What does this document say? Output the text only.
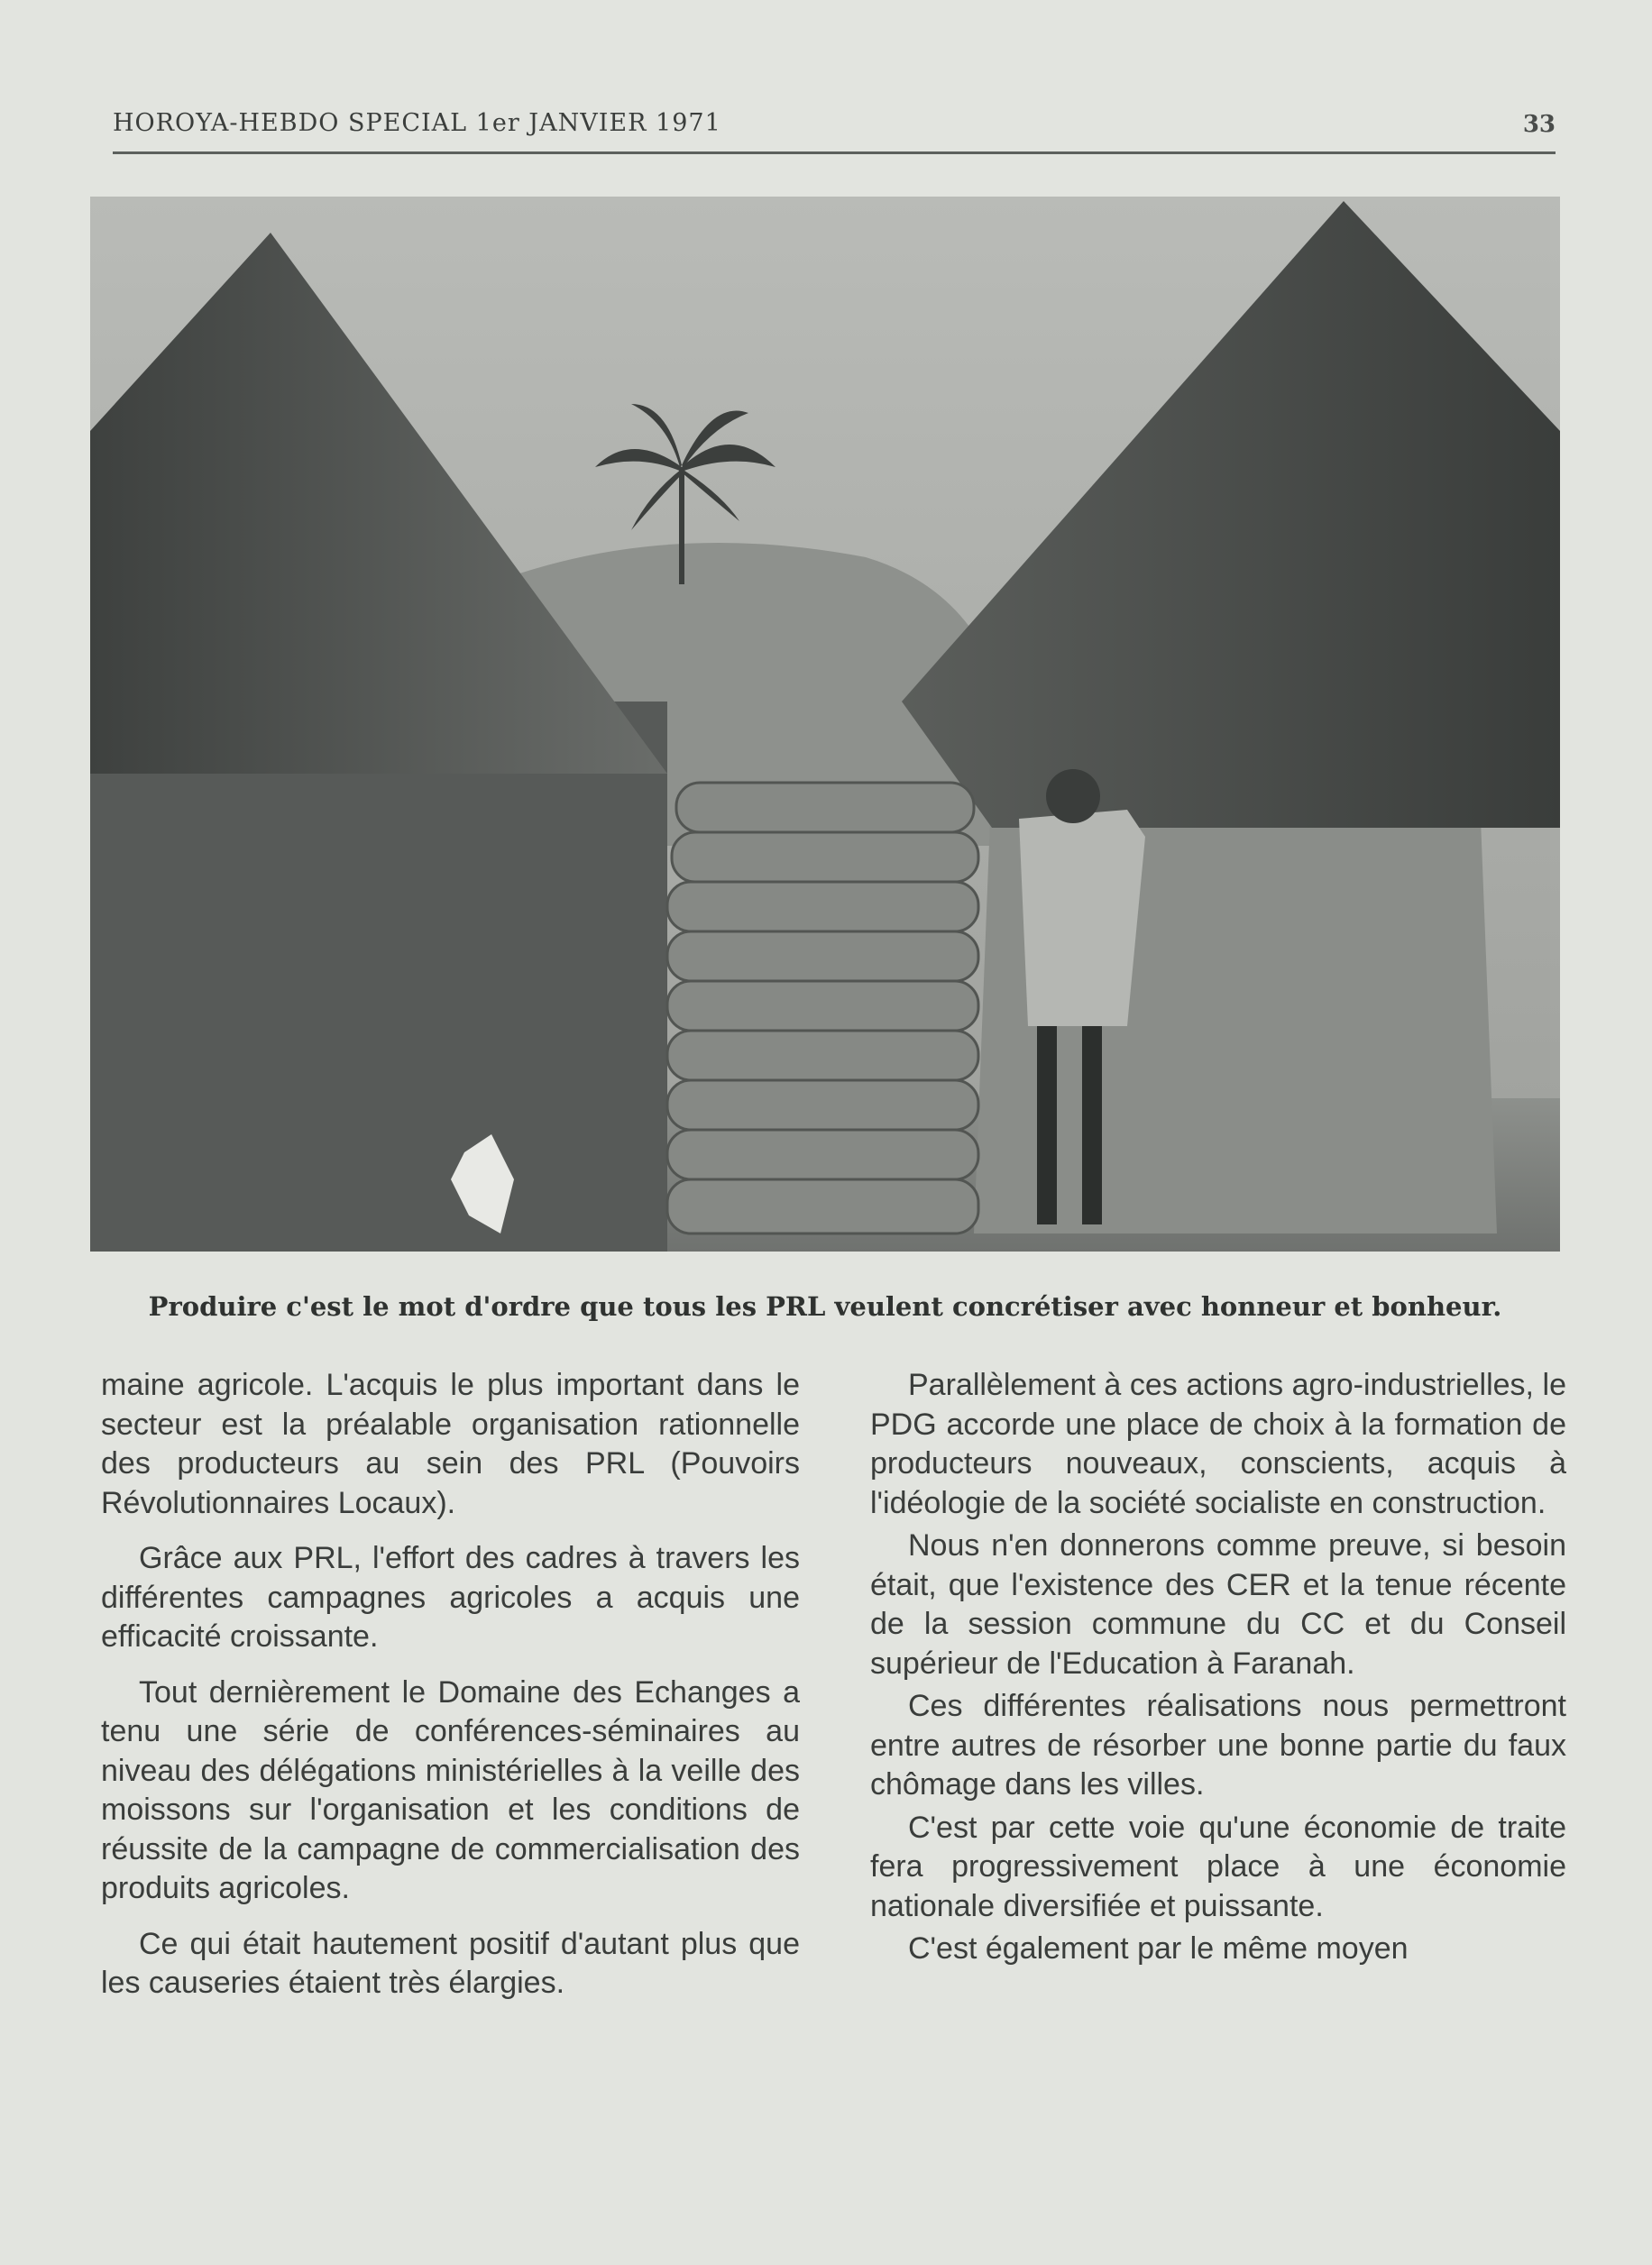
HOROYA-HEBDO SPECIAL 1er JANVIER 1971	33
Produire c'est le mot d'ordre que tous les PRL veulent concrétiser avec honneur et bonheur.

maine agricole. L'acquis le plus important dans le secteur est la préalable organisation rationnelle des producteurs au sein des PRL (Pouvoirs Révolutionnaires Locaux).

Grâce aux PRL, l'effort des cadres à travers les différentes campagnes agricoles a acquis une efficacité croissante.

Tout dernièrement le Domaine des Echanges a tenu une série de conférences-séminaires au niveau des délégations ministérielles à la veille des moissons sur l'organisation et les conditions de réussite de la campagne de commercialisation des produits agricoles.

Ce qui était hautement positif d'autant plus que les causeries étaient très élargies.

Parallèlement à ces actions agro-industrielles, le PDG accorde une place de choix à la formation de producteurs nouveaux, conscients, acquis à l'idéologie de la société socialiste en construction.

Nous n'en donnerons comme preuve, si besoin était, que l'existence des CER et la tenue récente de la session commune du CC et du Conseil supérieur de l'Education à Faranah.

Ces différentes réalisations nous permettront entre autres de résorber une bonne partie du faux chômage dans les villes.

C'est par cette voie qu'une économie de traite fera progressivement place à une économie nationale diversifiée et puissante.

C'est également par le même moyen
